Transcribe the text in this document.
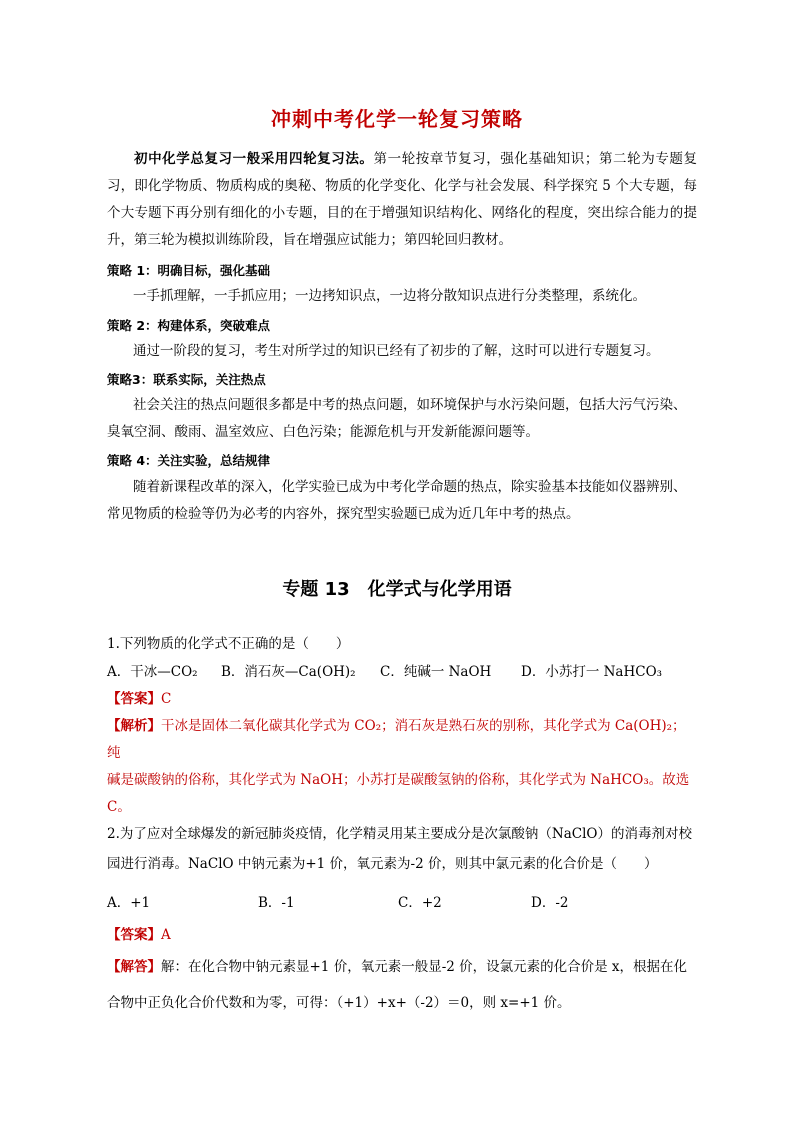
冲刺中考化学一轮复习策略
初中化学总复习一般采用四轮复习法。第一轮按章节复习，强化基础知识；第二轮为专题复习，即化学物质、物质构成的奥秘、物质的化学变化、化学与社会发展、科学探究 5 个大专题，每个大专题下再分别有细化的小专题，目的在于增强知识结构化、网络化的程度，突出综合能力的提升，第三轮为模拟训练阶段，旨在增强应试能力；第四轮回归教材。
策略 1：明确目标，强化基础
一手抓理解，一手抓应用；一边拷知识点，一边将分散知识点进行分类整理，系统化。
策略 2：构建体系，突破难点
通过一阶段的复习，考生对所学过的知识已经有了初步的了解，这时可以进行专题复习。
策略3：联系实际，关注热点
社会关注的热点问题很多都是中考的热点问题，如环境保护与水污染问题，包括大污气污染、
臭氧空洞、酸雨、温室效应、白色污染；能源危机与开发新能源问题等。
策略 4：关注实验，总结规律
随着新课程改革的深入，化学实验已成为中考化学命题的热点，除实验基本技能如仪器辨别、
常见物质的检验等仍为必考的内容外，探究型实验题已成为近几年中考的热点。
专题 13　化学式与化学用语
1.下列物质的化学式不正确的是（　　）
A．干冰—CO₂ B．消石灰—Ca(OH)₂ C．纯碱一 NaOH D．小苏打一 NaHCO₃
【答案】C
【解析】干冰是固体二氧化碳其化学式为 CO₂；消石灰是熟石灰的别称，其化学式为 Ca(OH)₂；
纯
碱是碳酸钠的俗称，其化学式为 NaOH；小苏打是碳酸氢钠的俗称，其化学式为 NaHCO₃。故选
C。
2.为了应对全球爆发的新冠肺炎疫情，化学精灵用某主要成分是次氯酸钠（NaClO）的消毒剂对校
园进行消毒。NaClO 中钠元素为+1 价，氧元素为-2 价，则其中氯元素的化合价是（　　）
A．+1	B．-1	C．+2	D．-2
【答案】A
【解答】解：在化合物中钠元素显+1 价，氧元素一般显-2 价，设氯元素的化合价是 x，根据在化
合物中正负化合价代数和为零，可得：（+1）+x+（-2）＝0，则 x=+1 价。
